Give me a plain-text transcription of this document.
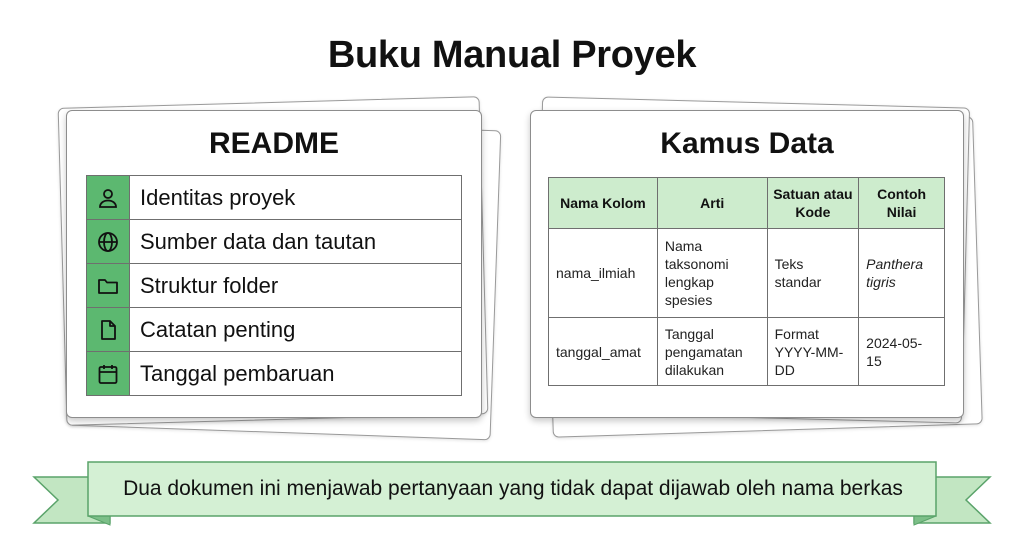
Buku Manual Proyek
README
Identitas proyek
Sumber data dan tautan
Struktur folder
Catatan penting
Tanggal pembaruan
Kamus Data
Nama Kolom	Arti	Satuan atau Kode	Contoh Nilai
nama_ilmiah	Nama taksonomi lengkap spesies	Teks standar	Panthera tigris
tanggal_amat	Tanggal pengamatan dilakukan	Format YYYY-MM-DD	2024-05-15
Dua dokumen ini menjawab pertanyaan yang tidak dapat dijawab oleh nama berkas
